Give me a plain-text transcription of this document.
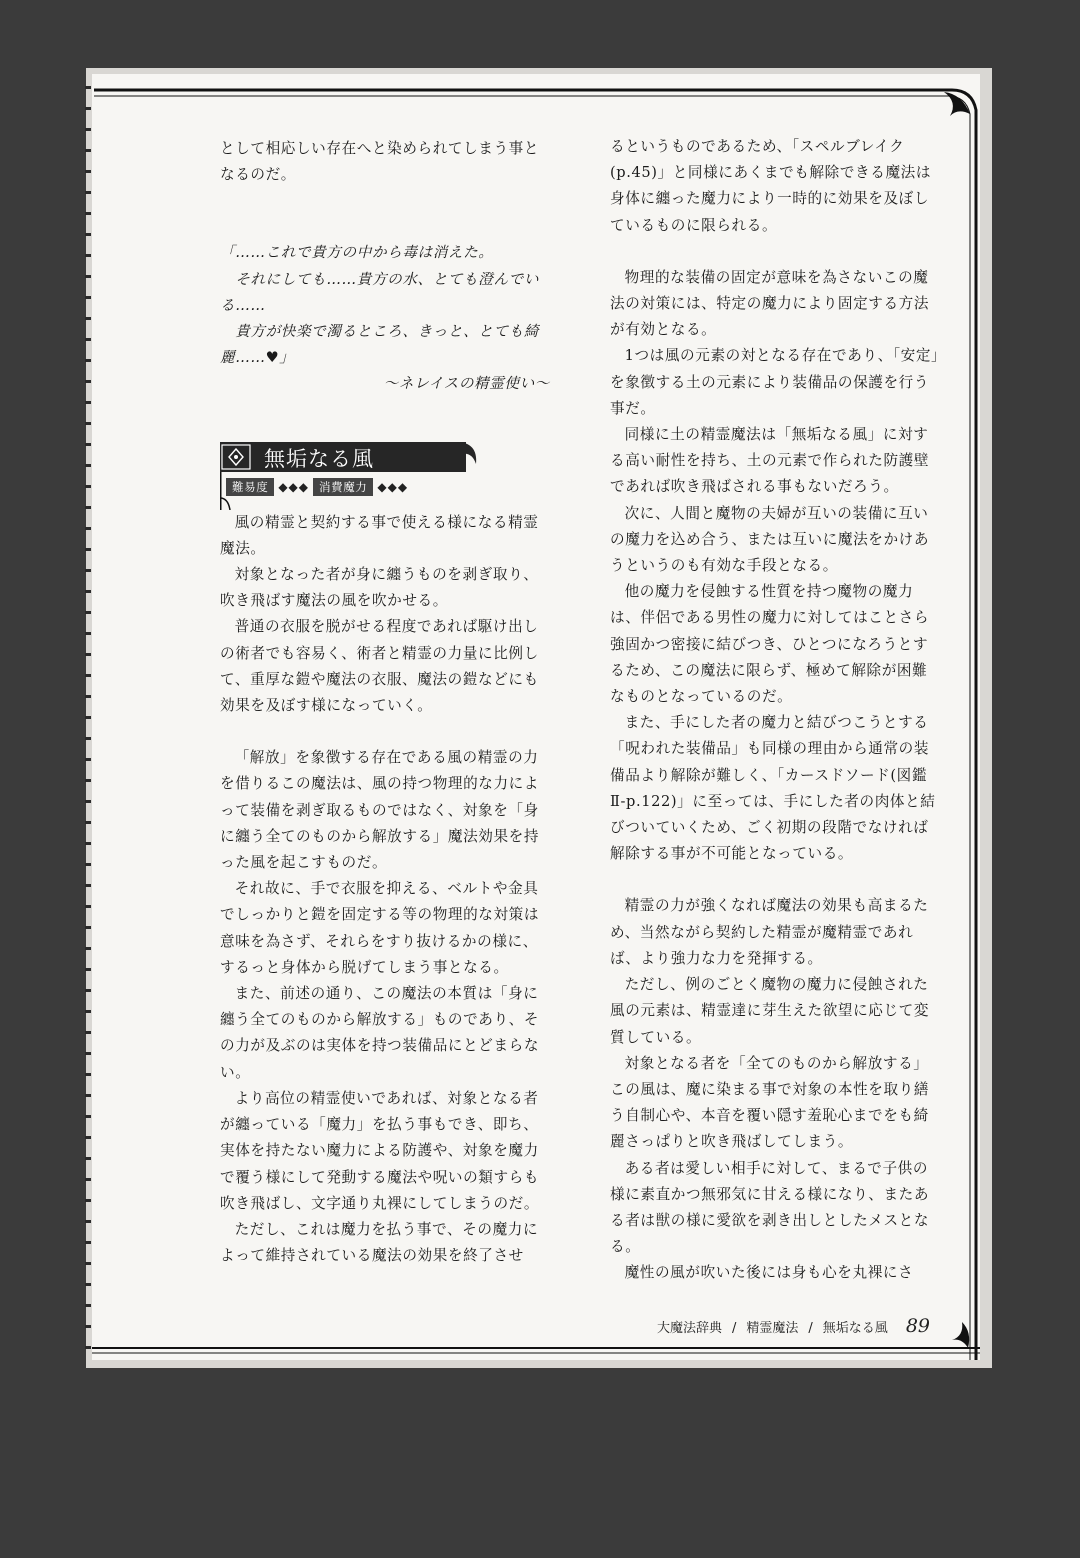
として相応しい存在へと染められてしまう事となるのだ。

「……これで貴方の中から毒は消えた。

　それにしても……貴方の水、とても澄んでいる……

　貴方が快楽で濁るところ、きっと、とても綺麗……♥」

〜ネレイスの精霊使い〜

無垢なる風
難易度 ◆◆◆ 消費魔力 ◆◆◆

風の精霊と契約する事で使える様になる精霊魔法。

対象となった者が身に纏うものを剥ぎ取り、吹き飛ばす魔法の風を吹かせる。

普通の衣服を脱がせる程度であれば駆け出しの術者でも容易く、術者と精霊の力量に比例して、重厚な鎧や魔法の衣服、魔法の鎧などにも効果を及ぼす様になっていく。

「解放」を象徴する存在である風の精霊の力を借りるこの魔法は、風の持つ物理的な力によって装備を剥ぎ取るものではなく、対象を「身に纏う全てのものから解放する」魔法効果を持った風を起こすものだ。

それ故に、手で衣服を抑える、ベルトや金具でしっかりと鎧を固定する等の物理的な対策は意味を為さず、それらをすり抜けるかの様に、するっと身体から脱げてしまう事となる。

また、前述の通り、この魔法の本質は「身に纏う全てのものから解放する」ものであり、その力が及ぶのは実体を持つ装備品にとどまらない。

より高位の精霊使いであれば、対象となる者が纏っている「魔力」を払う事もでき、即ち、実体を持たない魔力による防護や、対象を魔力で覆う様にして発動する魔法や呪いの類すらも吹き飛ばし、文字通り丸裸にしてしまうのだ。

ただし、これは魔力を払う事で、その魔力によって維持されている魔法の効果を終了させ

るというものであるため、「スペルブレイク(p.45)」と同様にあくまでも解除できる魔法は身体に纏った魔力により一時的に効果を及ぼしているものに限られる。

物理的な装備の固定が意味を為さないこの魔法の対策には、特定の魔力により固定する方法が有効となる。

1つは風の元素の対となる存在であり、「安定」を象徴する土の元素により装備品の保護を行う事だ。

同様に土の精霊魔法は「無垢なる風」に対する高い耐性を持ち、土の元素で作られた防護壁であれば吹き飛ばされる事もないだろう。

次に、人間と魔物の夫婦が互いの装備に互いの魔力を込め合う、または互いに魔法をかけあうというのも有効な手段となる。

他の魔力を侵蝕する性質を持つ魔物の魔力は、伴侶である男性の魔力に対してはことさら強固かつ密接に結びつき、ひとつになろうとするため、この魔法に限らず、極めて解除が困難なものとなっているのだ。

また、手にした者の魔力と結びつこうとする「呪われた装備品」も同様の理由から通常の装備品より解除が難しく、「カースドソード(図鑑Ⅱ-p.122)」に至っては、手にした者の肉体と結びついていくため、ごく初期の段階でなければ解除する事が不可能となっている。

精霊の力が強くなれば魔法の効果も高まるため、当然ながら契約した精霊が魔精霊であれば、より強力な力を発揮する。

ただし、例のごとく魔物の魔力に侵蝕された風の元素は、精霊達に芽生えた欲望に応じて変質している。

対象となる者を「全てのものから解放する」この風は、魔に染まる事で対象の本性を取り繕う自制心や、本音を覆い隠す羞恥心までをも綺麗さっぱりと吹き飛ばしてしまう。

ある者は愛しい相手に対して、まるで子供の様に素直かつ無邪気に甘える様になり、またある者は獣の様に愛欲を剥き出しとしたメスとなる。

魔性の風が吹いた後には身も心を丸裸にさ

大魔法辞典 / 精霊魔法 / 無垢なる風 89
